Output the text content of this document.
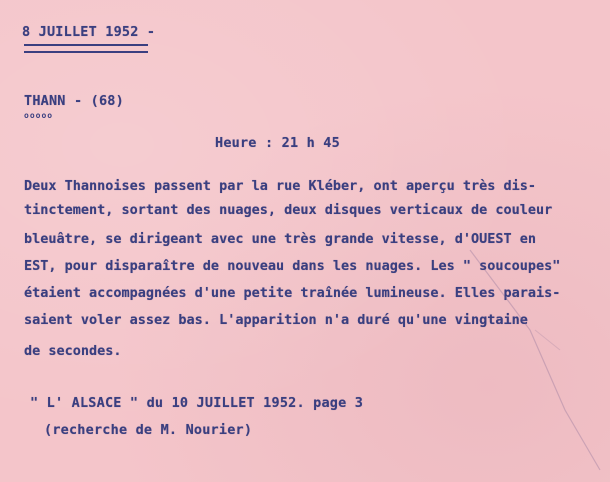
8 JUILLET 1952 -
THANN - (68)
ooooo
Heure : 21 h 45
Deux Thannoises passent par la rue Kléber, ont aperçu très dis-
tinctement, sortant des nuages, deux disques verticaux de couleur
bleuâtre, se dirigeant avec une très grande vitesse, d'OUEST en
EST, pour disparaître de nouveau dans les nuages. Les " soucoupes"
étaient accompagnées d'une petite traînée lumineuse. Elles parais-
saient voler assez bas. L'apparition n'a duré qu'une vingtaine
de secondes.
" L' ALSACE " du 10 JUILLET 1952. page 3
(recherche de M. Nourier)
